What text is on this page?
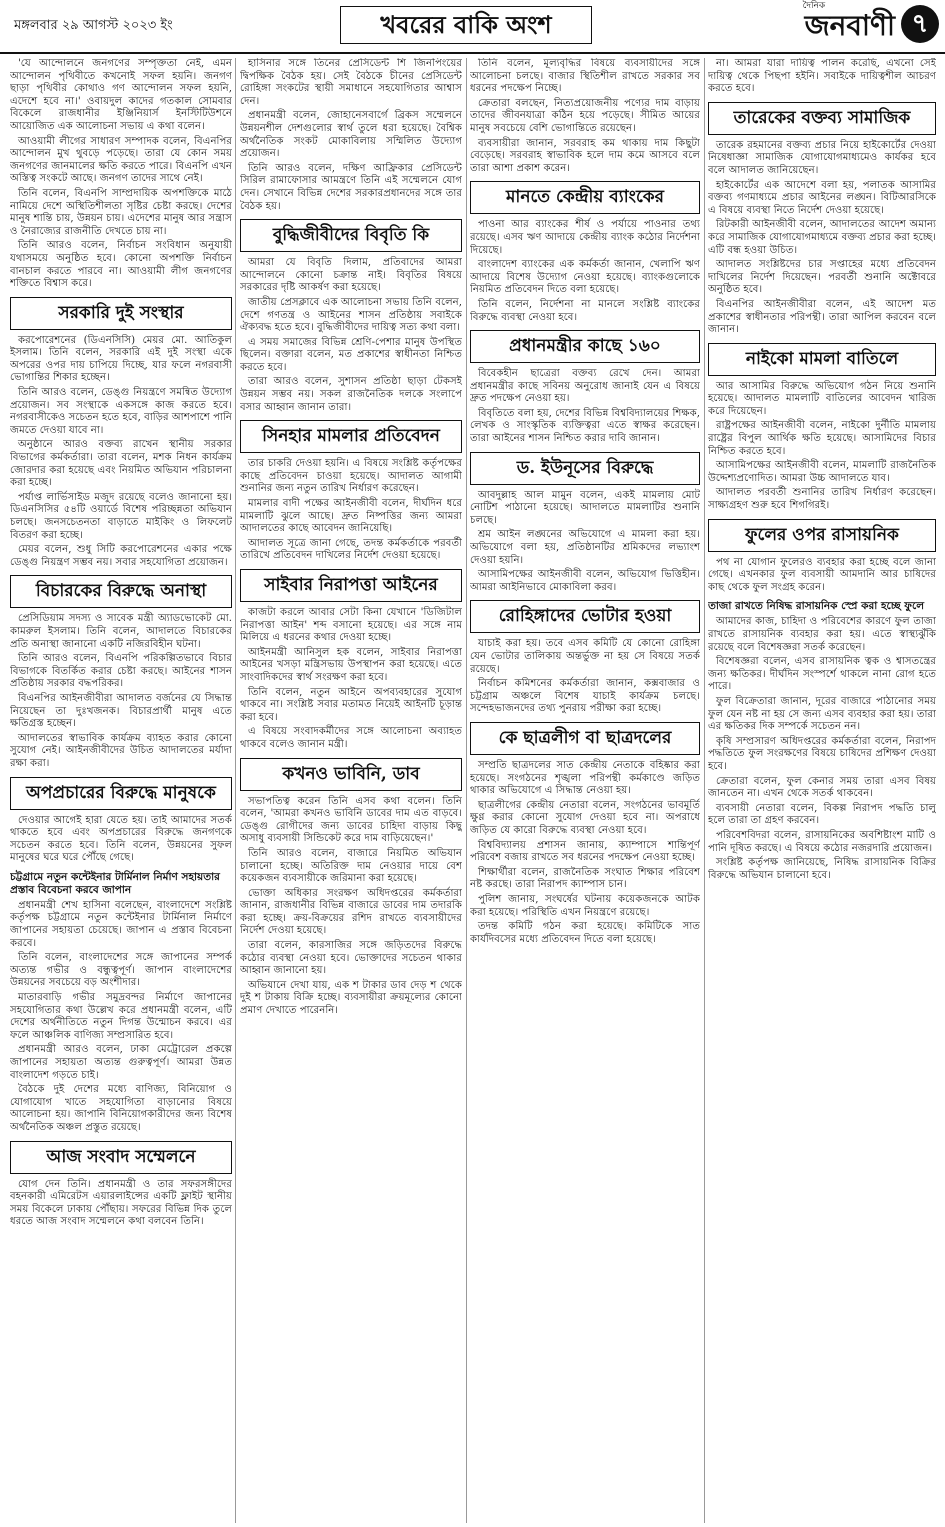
মঙ্গলবার ২৯ আগস্ট ২০২৩ ইং	খবরের বাকি অংশ
দৈনিক
জনবাণী ৭

'যে আন্দোলনে জনগণের সম্পৃক্ততা নেই, এমন আন্দোলন পৃথিবীতে কখনোই সফল হয়নি। জনগণ ছাড়া পৃথিবীর কোথাও গণ আন্দোলন সফল হয়নি, এদেশে হবে না।' ওবায়দুল কাদের গতকাল সোমবার বিকেলে রাজধানীর ইঞ্জিনিয়ার্স ইনস্টিটিউশনে আয়োজিত এক আলোচনা সভায় এ কথা বলেন।

আওয়ামী লীগের সাধারণ সম্পাদক বলেন, বিএনপির আন্দোলন মুখ থুবড়ে পড়েছে। তারা যে কোন সময় জনগণের জানমালের ক্ষতি করতে পারে। বিএনপি এখন অস্তিত্ব সংকটে আছে। জনগণ তাদের সাথে নেই।

তিনি বলেন, বিএনপি সাম্প্রদায়িক অপশক্তিকে মাঠে নামিয়ে দেশে অস্থিতিশীলতা সৃষ্টির চেষ্টা করছে। দেশের মানুষ শান্তি চায়, উন্নয়ন চায়। এদেশের মানুষ আর সন্ত্রাস ও নৈরাজ্যের রাজনীতি দেখতে চায় না।

তিনি আরও বলেন, নির্বাচন সংবিধান অনুযায়ী যথাসময়ে অনুষ্ঠিত হবে। কোনো অপশক্তি নির্বাচন বানচাল করতে পারবে না। আওয়ামী লীগ জনগণের শক্তিতে বিশ্বাস করে।

সরকারি দুই সংস্থার

করপোরেশনের (ডিএনসিসি) মেয়র মো. আতিকুল ইসলাম। তিনি বলেন, সরকারি এই দুই সংস্থা একে অপরের ওপর দায় চাপিয়ে দিচ্ছে, যার ফলে নগরবাসী ভোগান্তির শিকার হচ্ছেন।

তিনি আরও বলেন, ডেঙ্গু নিয়ন্ত্রণে সমন্বিত উদ্যোগ প্রয়োজন। সব সংস্থাকে একসঙ্গে কাজ করতে হবে। নগরবাসীকেও সচেতন হতে হবে, বাড়ির আশপাশে পানি জমতে দেওয়া যাবে না।

অনুষ্ঠানে আরও বক্তব্য রাখেন স্থানীয় সরকার বিভাগের কর্মকর্তারা। তারা বলেন, মশক নিধন কার্যক্রম জোরদার করা হয়েছে এবং নিয়মিত অভিযান পরিচালনা করা হচ্ছে।

পর্যাপ্ত লার্ভিসাইড মজুদ রয়েছে বলেও জানানো হয়। ডিএনসিসির ৫৪টি ওয়ার্ডে বিশেষ পরিচ্ছন্নতা অভিযান চলছে। জনসচেতনতা বাড়াতে মাইকিং ও লিফলেট বিতরণ করা হচ্ছে।

মেয়র বলেন, শুধু সিটি করপোরেশনের একার পক্ষে ডেঙ্গু নিয়ন্ত্রণ সম্ভব নয়। সবার সহযোগিতা প্রয়োজন।

বিচারকের বিরুদ্ধে অনাস্থা

প্রেসিডিয়াম সদস্য ও সাবেক মন্ত্রী অ্যাডভোকেট মো. কামরুল ইসলাম। তিনি বলেন, আদালতে বিচারকের প্রতি অনাস্থা জানানো একটি নজিরবিহীন ঘটনা।

তিনি আরও বলেন, বিএনপি পরিকল্পিতভাবে বিচার বিভাগকে বিতর্কিত করার চেষ্টা করছে। আইনের শাসন প্রতিষ্ঠায় সরকার বদ্ধপরিকর।

বিএনপির আইনজীবীরা আদালত বর্জনের যে সিদ্ধান্ত নিয়েছেন তা দুঃখজনক। বিচারপ্রার্থী মানুষ এতে ক্ষতিগ্রস্ত হচ্ছেন।

আদালতের স্বাভাবিক কার্যক্রম ব্যাহত করার কোনো সুযোগ নেই। আইনজীবীদের উচিত আদালতের মর্যাদা রক্ষা করা।

অপপ্রচারের বিরুদ্ধে মানুষকে

দেওয়ার আগেই হারা যেতে হয়। তাই আমাদের সতর্ক থাকতে হবে এবং অপপ্রচারের বিরুদ্ধে জনগণকে সচেতন করতে হবে। তিনি বলেন, উন্নয়নের সুফল মানুষের ঘরে ঘরে পৌঁছে গেছে।

চট্টগ্রামে নতুন কন্টেইনার টার্মিনাল নির্মাণ সহায়তার প্রস্তাব বিবেচনা করবে জাপান

প্রধানমন্ত্রী শেখ হাসিনা বলেছেন, বাংলাদেশে সংশ্লিষ্ট কর্তৃপক্ষ চট্টগ্রামে নতুন কন্টেইনার টার্মিনাল নির্মাণে জাপানের সহায়তা চেয়েছে। জাপান এ প্রস্তাব বিবেচনা করবে।

তিনি বলেন, বাংলাদেশের সঙ্গে জাপানের সম্পর্ক অত্যন্ত গভীর ও বন্ধুত্বপূর্ণ। জাপান বাংলাদেশের উন্নয়নের সবচেয়ে বড় অংশীদার।

মাতারবাড়ি গভীর সমুদ্রবন্দর নির্মাণে জাপানের সহযোগিতার কথা উল্লেখ করে প্রধানমন্ত্রী বলেন, এটি দেশের অর্থনীতিতে নতুন দিগন্ত উন্মোচন করবে। এর ফলে আঞ্চলিক বাণিজ্য সম্প্রসারিত হবে।

প্রধানমন্ত্রী আরও বলেন, ঢাকা মেট্রোরেল প্রকল্পে জাপানের সহায়তা অত্যন্ত গুরুত্বপূর্ণ। আমরা উন্নত বাংলাদেশ গড়তে চাই।

বৈঠকে দুই দেশের মধ্যে বাণিজ্য, বিনিয়োগ ও যোগাযোগ খাতে সহযোগিতা বাড়ানোর বিষয়ে আলোচনা হয়। জাপানি বিনিয়োগকারীদের জন্য বিশেষ অর্থনৈতিক অঞ্চল প্রস্তুত রয়েছে।

আজ সংবাদ সম্মেলনে

যোগ দেন তিনি। প্রধানমন্ত্রী ও তার সফরসঙ্গীদের বহনকারী এমিরেটস এয়ারলাইন্সের একটি ফ্লাইট স্থানীয় সময় বিকেলে ঢাকায় পৌঁছায়। সফরের বিভিন্ন দিক তুলে ধরতে আজ সংবাদ সম্মেলনে কথা বলবেন তিনি।

হাসিনার সঙ্গে তিনের প্রেসিডেন্ট শি জিনপিংয়ের দ্বিপক্ষিক বৈঠক হয়। সেই বৈঠকে চীনের প্রেসিডেন্ট রোহিঙ্গা সংকটের স্থায়ী সমাধানে সহযোগিতার আশ্বাস দেন।

প্রধানমন্ত্রী বলেন, জোহানেসবার্গে ব্রিকস সম্মেলনে উন্নয়নশীল দেশগুলোর স্বার্থ তুলে ধরা হয়েছে। বৈশ্বিক অর্থনৈতিক সংকট মোকাবিলায় সম্মিলিত উদ্যোগ প্রয়োজন।

তিনি আরও বলেন, দক্ষিণ আফ্রিকার প্রেসিডেন্ট সিরিল রামাফোসার আমন্ত্রণে তিনি এই সম্মেলনে যোগ দেন। সেখানে বিভিন্ন দেশের সরকারপ্রধানদের সঙ্গে তার বৈঠক হয়।

বুদ্ধিজীবীদের বিবৃতি কি

আমরা যে বিবৃতি দিলাম, প্রতিবাদের আমরা আন্দোলনে কোনো চক্রান্ত নাই। বিবৃতির বিষয়ে সরকারের দৃষ্টি আকর্ষণ করা হয়েছে।

জাতীয় প্রেসক্লাবে এক আলোচনা সভায় তিনি বলেন, দেশে গণতন্ত্র ও আইনের শাসন প্রতিষ্ঠায় সবাইকে ঐক্যবদ্ধ হতে হবে। বুদ্ধিজীবীদের দায়িত্ব সত্য কথা বলা।

এ সময় সমাজের বিভিন্ন শ্রেণি-পেশার মানুষ উপস্থিত ছিলেন। বক্তারা বলেন, মত প্রকাশের স্বাধীনতা নিশ্চিত করতে হবে।

তারা আরও বলেন, সুশাসন প্রতিষ্ঠা ছাড়া টেকসই উন্নয়ন সম্ভব নয়। সকল রাজনৈতিক দলকে সংলাপে বসার আহ্বান জানান তারা।

সিনহার মামলার প্রতিবেদন

তার চাকরি দেওয়া হয়নি। এ বিষয়ে সংশ্লিষ্ট কর্তৃপক্ষের কাছে প্রতিবেদন চাওয়া হয়েছে। আদালত আগামী শুনানির জন্য নতুন তারিখ নির্ধারণ করেছেন।

মামলার বাদী পক্ষের আইনজীবী বলেন, দীর্ঘদিন ধরে মামলাটি ঝুলে আছে। দ্রুত নিষ্পত্তির জন্য আমরা আদালতের কাছে আবেদন জানিয়েছি।

আদালত সূত্রে জানা গেছে, তদন্ত কর্মকর্তাকে পরবর্তী তারিখে প্রতিবেদন দাখিলের নির্দেশ দেওয়া হয়েছে।

সাইবার নিরাপত্তা আইনের

কাজটা করলে আবার সেটা কিনা যেখানে 'ডিজিটাল নিরাপত্তা আইন' শব্দ বসানো হয়েছে। এর সঙ্গে নাম মিলিয়ে এ ধরনের কথার দেওয়া হচ্ছে।

আইনমন্ত্রী আনিসুল হক বলেন, সাইবার নিরাপত্তা আইনের খসড়া মন্ত্রিসভায় উপস্থাপন করা হয়েছে। এতে সাংবাদিকদের স্বার্থ সংরক্ষণ করা হবে।

তিনি বলেন, নতুন আইনে অপব্যবহারের সুযোগ থাকবে না। সংশ্লিষ্ট সবার মতামত নিয়েই আইনটি চূড়ান্ত করা হবে।

এ বিষয়ে সংবাদকর্মীদের সঙ্গে আলোচনা অব্যাহত থাকবে বলেও জানান মন্ত্রী।

কখনও ভাবিনি, ডাব

সভাপতিত্ব করেন তিনি এসব কথা বলেন। তিনি বলেন, 'আমরা কখনও ভাবিনি ডাবের দাম এত বাড়বে। ডেঙ্গু রোগীদের জন্য ডাবের চাহিদা বাড়ায় কিছু অসাধু ব্যবসায়ী সিন্ডিকেট করে দাম বাড়িয়েছেন।'

তিনি আরও বলেন, বাজারে নিয়মিত অভিযান চালানো হচ্ছে। অতিরিক্ত দাম নেওয়ার দায়ে বেশ কয়েকজন ব্যবসায়ীকে জরিমানা করা হয়েছে।

ভোক্তা অধিকার সংরক্ষণ অধিদপ্তরের কর্মকর্তারা জানান, রাজধানীর বিভিন্ন বাজারে ডাবের দাম তদারকি করা হচ্ছে। ক্রয়-বিক্রয়ের রশিদ রাখতে ব্যবসায়ীদের নির্দেশ দেওয়া হয়েছে।

তারা বলেন, কারসাজির সঙ্গে জড়িতদের বিরুদ্ধে কঠোর ব্যবস্থা নেওয়া হবে। ভোক্তাদের সচেতন থাকার আহ্বান জানানো হয়।

অভিযানে দেখা যায়, এক শ টাকার ডাব দেড় শ থেকে দুই শ টাকায় বিক্রি হচ্ছে। ব্যবসায়ীরা ক্রয়মূল্যের কোনো প্রমাণ দেখাতে পারেননি।

তিনি বলেন, মূল্যবৃদ্ধির বিষয়ে ব্যবসায়ীদের সঙ্গে আলোচনা চলছে। বাজার স্থিতিশীল রাখতে সরকার সব ধরনের পদক্ষেপ নিচ্ছে।

ক্রেতারা বলছেন, নিত্যপ্রয়োজনীয় পণ্যের দাম বাড়ায় তাদের জীবনযাত্রা কঠিন হয়ে পড়েছে। সীমিত আয়ের মানুষ সবচেয়ে বেশি ভোগান্তিতে রয়েছেন।

ব্যবসায়ীরা জানান, সরবরাহ কম থাকায় দাম কিছুটা বেড়েছে। সরবরাহ স্বাভাবিক হলে দাম কমে আসবে বলে তারা আশা প্রকাশ করেন।

মানতে কেন্দ্রীয় ব্যাংকের

পাওনা আর ব্যাংকের শীর্ষ ও পর্যায়ে পাওনার তথ্য রয়েছে। এসব ঋণ আদায়ে কেন্দ্রীয় ব্যাংক কঠোর নির্দেশনা দিয়েছে।

বাংলাদেশ ব্যাংকের এক কর্মকর্তা জানান, খেলাপি ঋণ আদায়ে বিশেষ উদ্যোগ নেওয়া হয়েছে। ব্যাংকগুলোকে নিয়মিত প্রতিবেদন দিতে বলা হয়েছে।

তিনি বলেন, নির্দেশনা না মানলে সংশ্লিষ্ট ব্যাংকের বিরুদ্ধে ব্যবস্থা নেওয়া হবে।

প্রধানমন্ত্রীর কাছে ১৬০

বিবেকহীন ছাত্রেরা বক্তব্য রেখে দেন। আমরা প্রধানমন্ত্রীর কাছে সবিনয় অনুরোধ জানাই যেন এ বিষয়ে দ্রুত পদক্ষেপ নেওয়া হয়।

বিবৃতিতে বলা হয়, দেশের বিভিন্ন বিশ্ববিদ্যালয়ের শিক্ষক, লেখক ও সাংস্কৃতিক ব্যক্তিত্বরা এতে স্বাক্ষর করেছেন। তারা আইনের শাসন নিশ্চিত করার দাবি জানান।

ড. ইউনূসের বিরুদ্ধে

আবদুল্লাহ আল মামুন বলেন, একই মামলায় মোট নোটিশ পাঠানো হয়েছে। আদালতে মামলাটির শুনানি চলছে।

শ্রম আইন লঙ্ঘনের অভিযোগে এ মামলা করা হয়। অভিযোগে বলা হয়, প্রতিষ্ঠানটির শ্রমিকদের লভ্যাংশ দেওয়া হয়নি।

আসামিপক্ষের আইনজীবী বলেন, অভিযোগ ভিত্তিহীন। আমরা আইনিভাবে মোকাবিলা করব।

রোহিঙ্গাদের ভোটার হওয়া

যাচাই করা হয়। তবে এসব কমিটি যে কোনো রোহিঙ্গা যেন ভোটার তালিকায় অন্তর্ভুক্ত না হয় সে বিষয়ে সতর্ক রয়েছে।

নির্বাচন কমিশনের কর্মকর্তারা জানান, কক্সবাজার ও চট্টগ্রাম অঞ্চলে বিশেষ যাচাই কার্যক্রম চলছে। সন্দেহভাজনদের তথ্য পুনরায় পরীক্ষা করা হচ্ছে।

কে ছাত্রলীগ বা ছাত্রদলের

সম্প্রতি ছাত্রদলের সাত কেন্দ্রীয় নেতাকে বহিষ্কার করা হয়েছে। সংগঠনের শৃঙ্খলা পরিপন্থী কর্মকাণ্ডে জড়িত থাকার অভিযোগে এ সিদ্ধান্ত নেওয়া হয়।

ছাত্রলীগের কেন্দ্রীয় নেতারা বলেন, সংগঠনের ভাবমূর্তি ক্ষুণ্ণ করার কোনো সুযোগ দেওয়া হবে না। অপরাধে জড়িত যে কারো বিরুদ্ধে ব্যবস্থা নেওয়া হবে।

বিশ্ববিদ্যালয় প্রশাসন জানায়, ক্যাম্পাসে শান্তিপূর্ণ পরিবেশ বজায় রাখতে সব ধরনের পদক্ষেপ নেওয়া হচ্ছে।

শিক্ষার্থীরা বলেন, রাজনৈতিক সংঘাত শিক্ষার পরিবেশ নষ্ট করছে। তারা নিরাপদ ক্যাম্পাস চান।

পুলিশ জানায়, সংঘর্ষের ঘটনায় কয়েকজনকে আটক করা হয়েছে। পরিস্থিতি এখন নিয়ন্ত্রণে রয়েছে।

তদন্ত কমিটি গঠন করা হয়েছে। কমিটিকে সাত কার্যদিবসের মধ্যে প্রতিবেদন দিতে বলা হয়েছে।

না। আমরা যারা দায়িত্ব পালন করেছি, এখনো সেই দায়িত্ব থেকে পিছপা হইনি। সবাইকে দায়িত্বশীল আচরণ করতে হবে।

তারেকের বক্তব্য সামাজিক

তারেক রহমানের বক্তব্য প্রচার নিয়ে হাইকোর্টের দেওয়া নিষেধাজ্ঞা সামাজিক যোগাযোগমাধ্যমেও কার্যকর হবে বলে আদালত জানিয়েছেন।

হাইকোর্টের এক আদেশে বলা হয়, পলাতক আসামির বক্তব্য গণমাধ্যমে প্রচার আইনের লঙ্ঘন। বিটিআরসিকে এ বিষয়ে ব্যবস্থা নিতে নির্দেশ দেওয়া হয়েছে।

রিটকারী আইনজীবী বলেন, আদালতের আদেশ অমান্য করে সামাজিক যোগাযোগমাধ্যমে বক্তব্য প্রচার করা হচ্ছে। এটি বন্ধ হওয়া উচিত।

আদালত সংশ্লিষ্টদের চার সপ্তাহের মধ্যে প্রতিবেদন দাখিলের নির্দেশ দিয়েছেন। পরবর্তী শুনানি অক্টোবরে অনুষ্ঠিত হবে।

বিএনপির আইনজীবীরা বলেন, এই আদেশ মত প্রকাশের স্বাধীনতার পরিপন্থী। তারা আপিল করবেন বলে জানান।

নাইকো মামলা বাতিলে

আর আসামির বিরুদ্ধে অভিযোগ গঠন নিয়ে শুনানি হয়েছে। আদালত মামলাটি বাতিলের আবেদন খারিজ করে দিয়েছেন।

রাষ্ট্রপক্ষের আইনজীবী বলেন, নাইকো দুর্নীতি মামলায় রাষ্ট্রের বিপুল আর্থিক ক্ষতি হয়েছে। আসামিদের বিচার নিশ্চিত করতে হবে।

আসামিপক্ষের আইনজীবী বলেন, মামলাটি রাজনৈতিক উদ্দেশ্যপ্রণোদিত। আমরা উচ্চ আদালতে যাব।

আদালত পরবর্তী শুনানির তারিখ নির্ধারণ করেছেন। সাক্ষ্যগ্রহণ শুরু হবে শিগগিরই।

ফুলের ওপর রাসায়নিক

পথ না যোগান ফুলেরও ব্যবহার করা হচ্ছে বলে জানা গেছে। এখনকার ফুল ব্যবসায়ী আমদানি আর চাষিদের কাছ থেকে ফুল সংগ্রহ করেন।

তাজা রাখতে নিষিদ্ধ রাসায়নিক স্প্রে করা হচ্ছে ফুলে

আমাদের কাজ, চাহিদা ও পরিবেশের কারণে ফুল তাজা রাখতে রাসায়নিক ব্যবহার করা হয়। এতে স্বাস্থ্যঝুঁকি রয়েছে বলে বিশেষজ্ঞরা সতর্ক করেছেন।

বিশেষজ্ঞরা বলেন, এসব রাসায়নিক ত্বক ও শ্বাসতন্ত্রের জন্য ক্ষতিকর। দীর্ঘদিন সংস্পর্শে থাকলে নানা রোগ হতে পারে।

ফুল বিক্রেতারা জানান, দূরের বাজারে পাঠানোর সময় ফুল যেন নষ্ট না হয় সে জন্য এসব ব্যবহার করা হয়। তারা এর ক্ষতিকর দিক সম্পর্কে সচেতন নন।

কৃষি সম্প্রসারণ অধিদপ্তরের কর্মকর্তারা বলেন, নিরাপদ পদ্ধতিতে ফুল সংরক্ষণের বিষয়ে চাষিদের প্রশিক্ষণ দেওয়া হবে।

ক্রেতারা বলেন, ফুল কেনার সময় তারা এসব বিষয় জানতেন না। এখন থেকে সতর্ক থাকবেন।

ব্যবসায়ী নেতারা বলেন, বিকল্প নিরাপদ পদ্ধতি চালু হলে তারা তা গ্রহণ করবেন।

পরিবেশবিদরা বলেন, রাসায়নিকের অবশিষ্টাংশ মাটি ও পানি দূষিত করছে। এ বিষয়ে কঠোর নজরদারি প্রয়োজন।

সংশ্লিষ্ট কর্তৃপক্ষ জানিয়েছে, নিষিদ্ধ রাসায়নিক বিক্রির বিরুদ্ধে অভিযান চালানো হবে।
